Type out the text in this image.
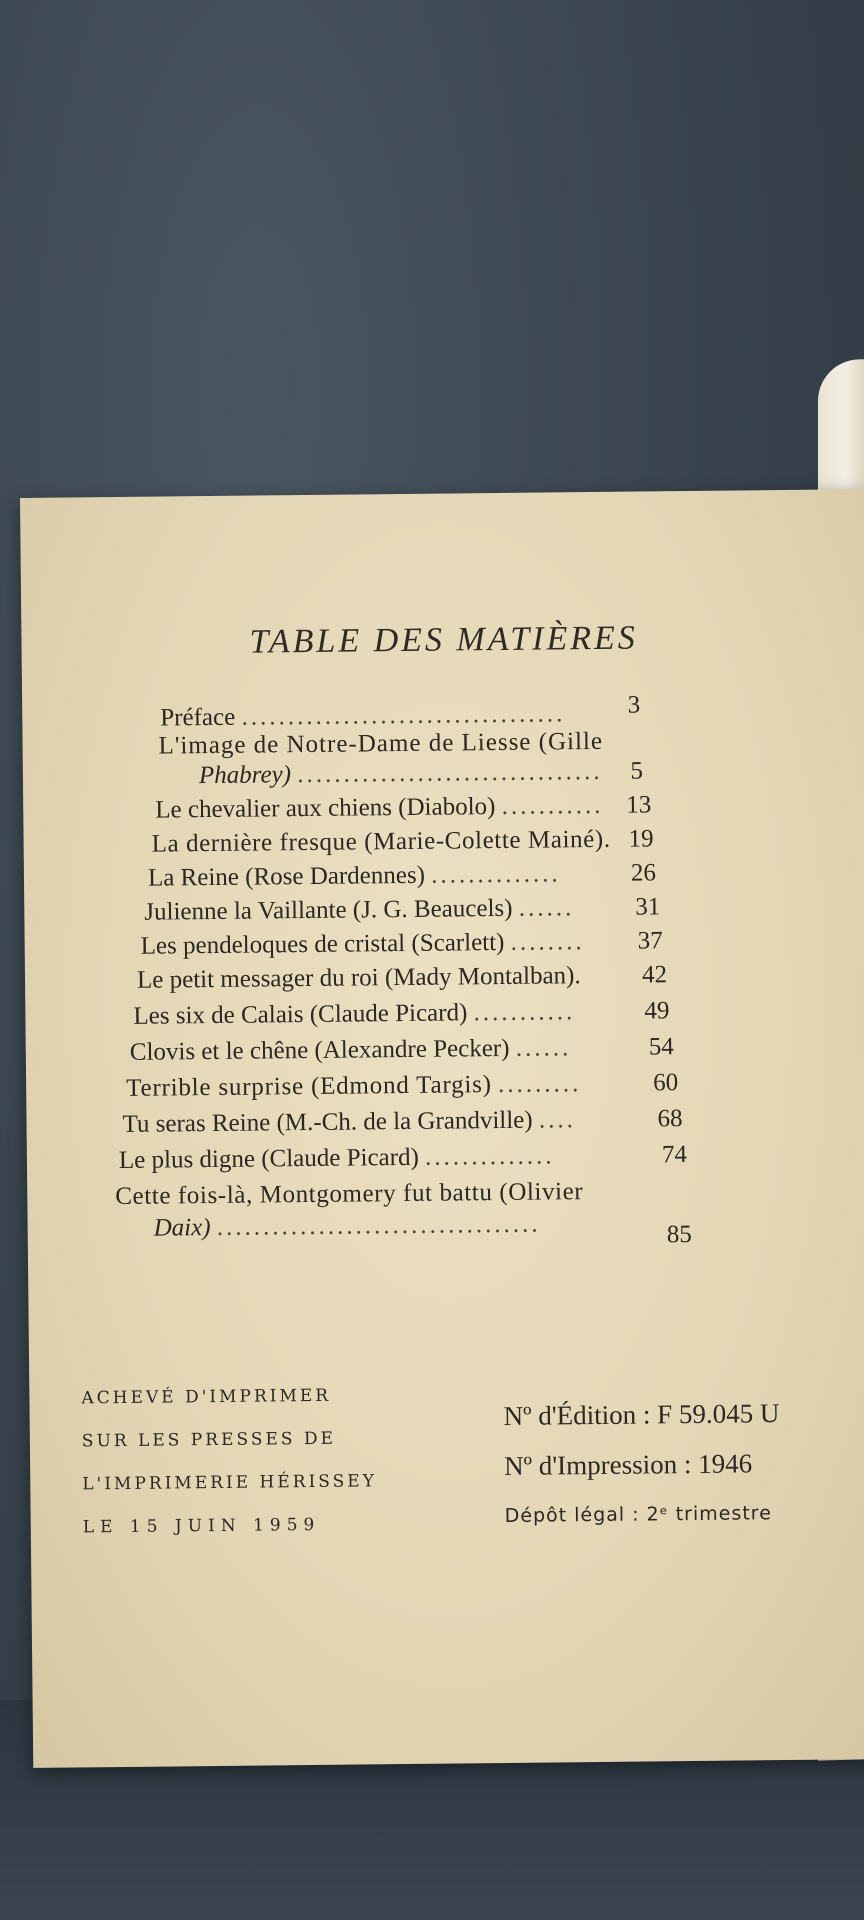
TABLE DES MATIÈRES
Préface ...................................	3
L'image de Notre-Dame de Liesse (Gille
Phabrey) .................................	5
Le chevalier aux chiens (Diabolo) ........... 13
La dernière fresque (Marie-Colette Mainé). 19
La Reine (Rose Dardennes) ..............	26
Julienne la Vaillante (J. G. Beaucels) ......	31
Les pendeloques de cristal (Scarlett) ........	37
Le petit messager du roi (Mady Montalban).	42
Les six de Calais (Claude Picard) ...........	49
Clovis et le chêne (Alexandre Pecker) ......	54
Terrible surprise (Edmond Targis) .........	60
Tu seras Reine (M.-Ch. de la Grandville) ....	68
Le plus digne (Claude Picard) ..............	74
Cette fois-là, Montgomery fut battu (Olivier
Daix) ...................................	85
ACHEVÉ D'IMPRIMER
SUR LES PRESSES DE
L'IMPRIMERIE HÉRISSEY
LE 15 JUIN 1959
Nº d'Édition : F 59.045 U
Nº d'Impression : 1946
Dépôt légal : 2ᵉ trimestre
